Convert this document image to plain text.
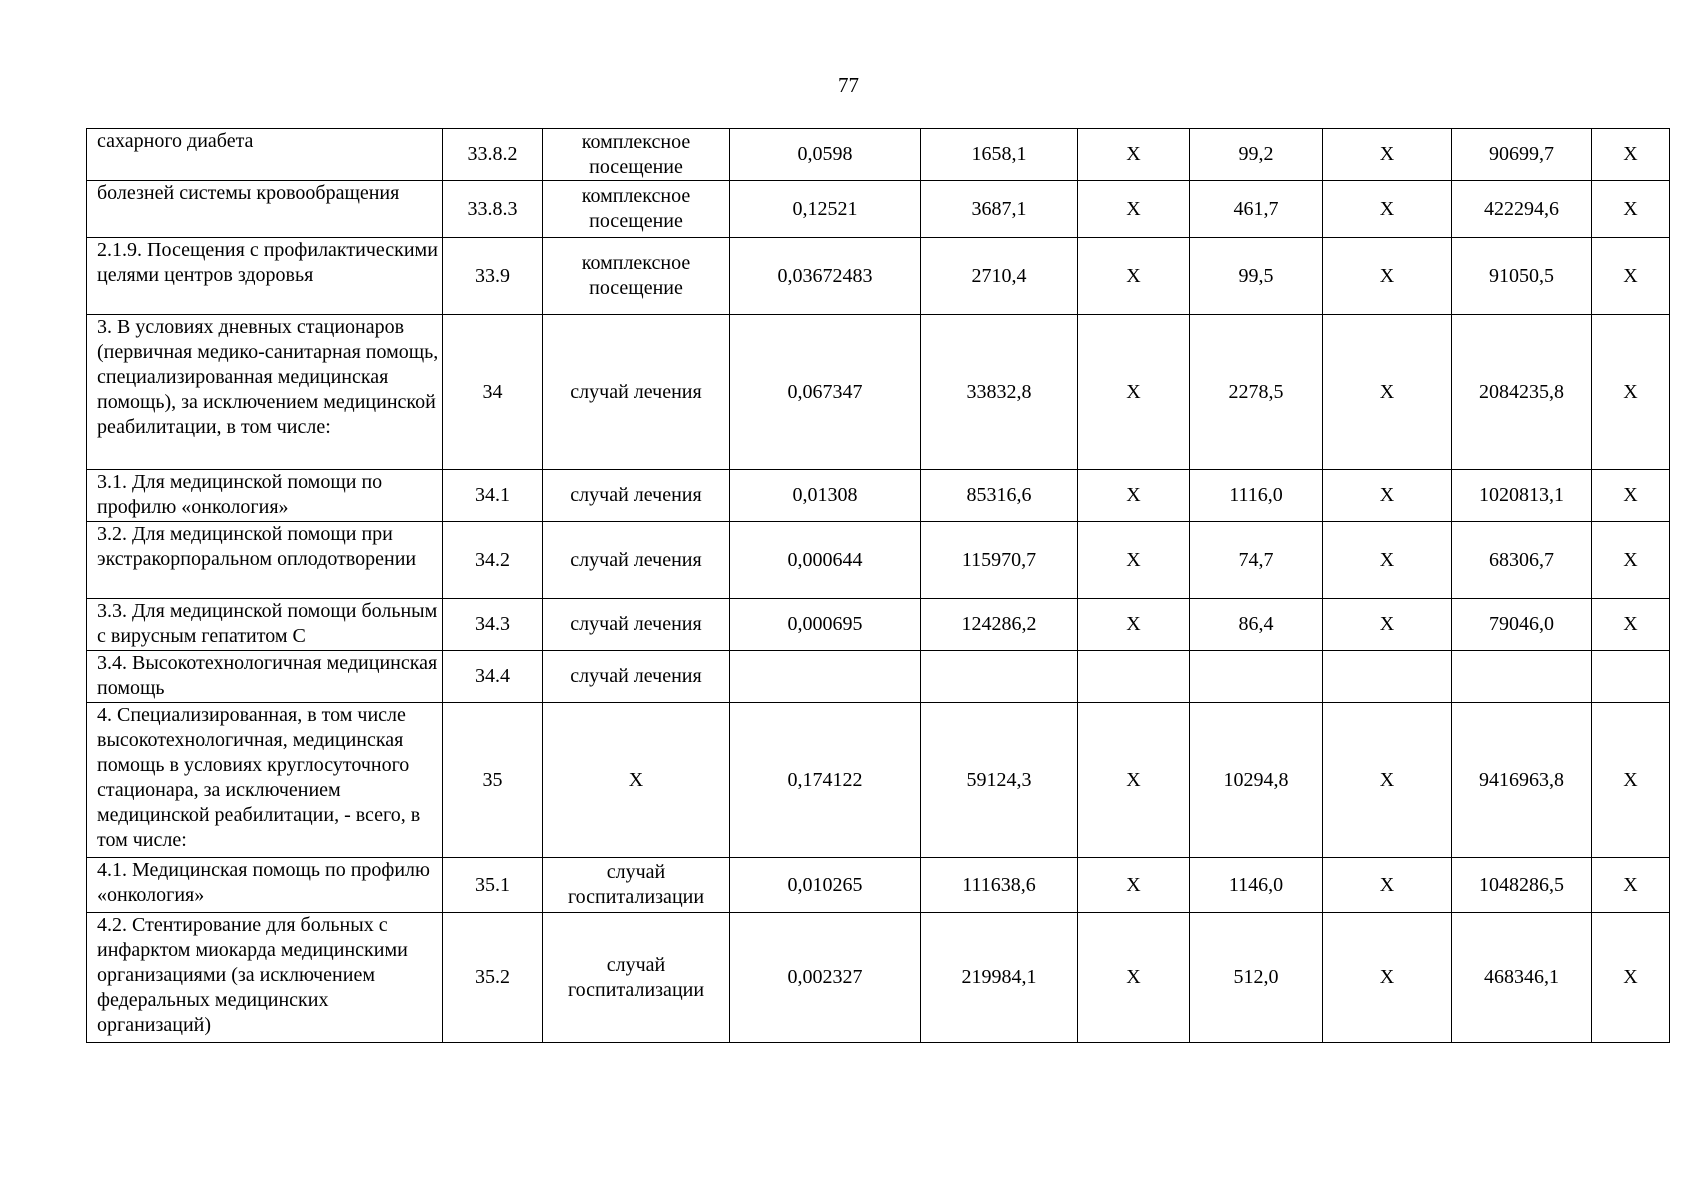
77
сахарного диабета	33.8.2	комплексное посещение	0,0598	1658,1	Х	99,2	Х	90699,7	Х
болезней системы кровообращения	33.8.3	комплексное посещение	0,12521	3687,1	Х	461,7	Х	422294,6	Х
2.1.9. Посещения с профилактическими целями центров здоровья	33.9	комплексное посещение	0,03672483	2710,4	Х	99,5	Х	91050,5	Х
3. В условиях дневных стационаров (первичная медико-санитарная помощь, специализированная медицинская помощь), за исключением медицинской реабилитации, в том числе:	34	случай лечения	0,067347	33832,8	Х	2278,5	Х	2084235,8	Х
3.1. Для медицинской помощи по профилю «онкология»	34.1	случай лечения	0,01308	85316,6	Х	1116,0	Х	1020813,1	Х
3.2. Для медицинской помощи при экстракорпоральном оплодотворении	34.2	случай лечения	0,000644	115970,7	Х	74,7	Х	68306,7	Х
3.3. Для медицинской помощи больным с вирусным гепатитом С	34.3	случай лечения	0,000695	124286,2	Х	86,4	Х	79046,0	Х
3.4. Высокотехнологичная медицинская помощь	34.4	случай лечения							
4. Специализированная, в том числе высокотехнологичная, медицинская помощь в условиях круглосуточного стационара, за исключением медицинской реабилитации, - всего, в том числе:	35	Х	0,174122	59124,3	Х	10294,8	Х	9416963,8	Х
4.1. Медицинская помощь по профилю «онкология»	35.1	случай госпитализации	0,010265	111638,6	Х	1146,0	Х	1048286,5	Х
4.2. Стентирование для больных с инфарктом миокарда медицинскими организациями (за исключением федеральных медицинских организаций)	35.2	случай госпитализации	0,002327	219984,1	Х	512,0	Х	468346,1	Х
